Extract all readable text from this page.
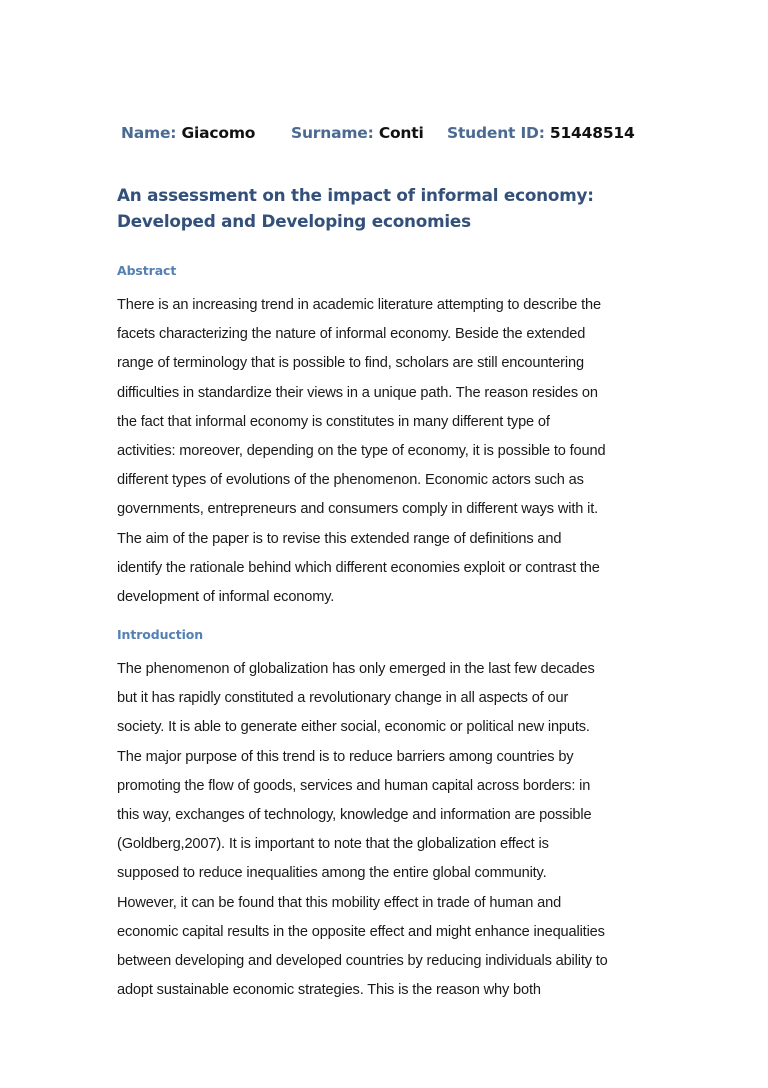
Name: Giacomo Surname: Conti Student ID: 51448514
An assessment on the impact of informal economy:
Developed and Developing economies
Abstract
There is an increasing trend in academic literature attempting to describe the
facets characterizing the nature of informal economy. Beside the extended
range of terminology that is possible to find, scholars are still encountering
difficulties in standardize their views in a unique path. The reason resides on
the fact that informal economy is constitutes in many different type of
activities: moreover, depending on the type of economy, it is possible to found
different types of evolutions of the phenomenon. Economic actors such as
governments, entrepreneurs and consumers comply in different ways with it.
The aim of the paper is to revise this extended range of definitions and
identify the rationale behind which different economies exploit or contrast the
development of informal economy.
Introduction
The phenomenon of globalization has only emerged in the last few decades
but it has rapidly constituted a revolutionary change in all aspects of our
society. It is able to generate either social, economic or political new inputs.
The major purpose of this trend is to reduce barriers among countries by
promoting the flow of goods, services and human capital across borders: in
this way, exchanges of technology, knowledge and information are possible
(Goldberg,2007). It is important to note that the globalization effect is
supposed to reduce inequalities among the entire global community.
However, it can be found that this mobility effect in trade of human and
economic capital results in the opposite effect and might enhance inequalities
between developing and developed countries by reducing individuals ability to
adopt sustainable economic strategies. This is the reason why both
